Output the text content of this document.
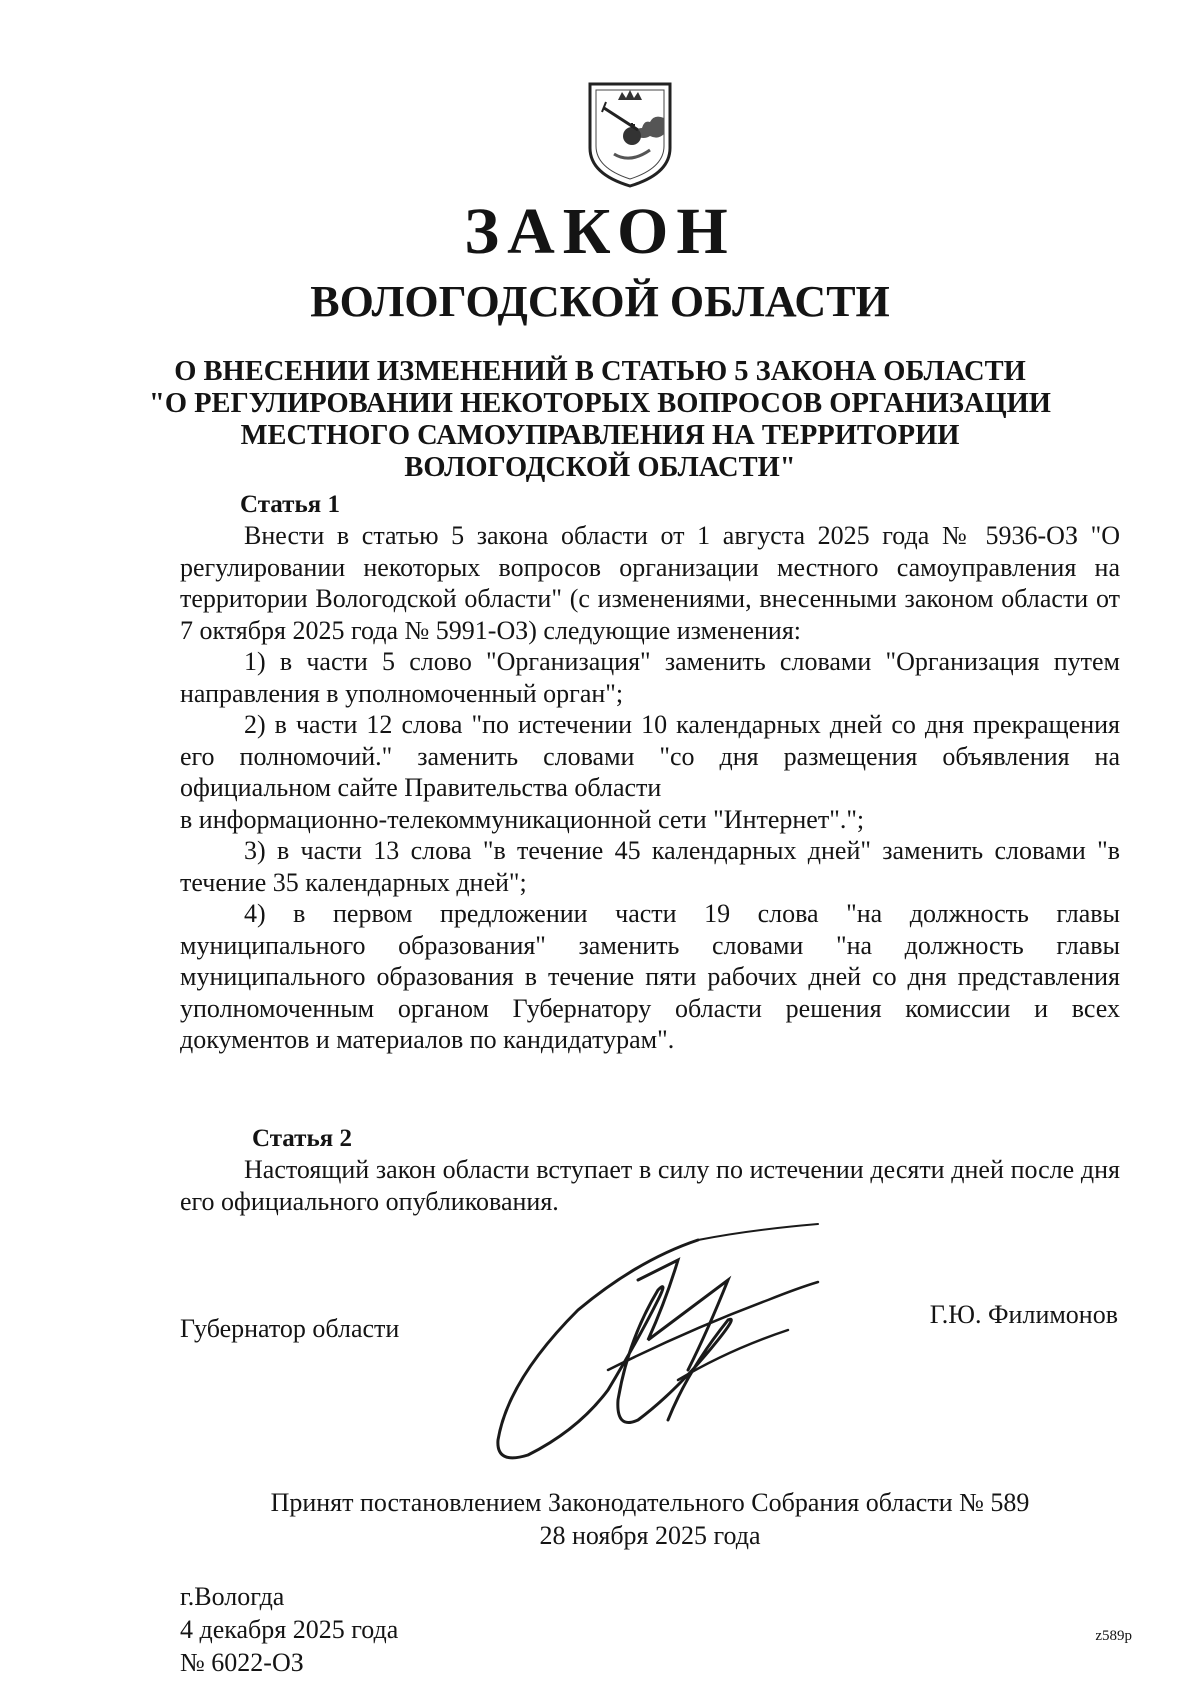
ЗАКОН
ВОЛОГОДСКОЙ ОБЛАСТИ
О ВНЕСЕНИИ ИЗМЕНЕНИЙ В СТАТЬЮ 5 ЗАКОНА ОБЛАСТИ
"О РЕГУЛИРОВАНИИ НЕКОТОРЫХ ВОПРОСОВ ОРГАНИЗАЦИИ
МЕСТНОГО САМОУПРАВЛЕНИЯ НА ТЕРРИТОРИИ
ВОЛОГОДСКОЙ ОБЛАСТИ"
Статья 1

Внести в статью 5 закона области от 1 августа 2025 года № 5936-ОЗ "О регулировании некоторых вопросов организации местного самоуправления на территории Вологодской области" (с изменениями, внесенными законом области от 7 октября 2025 года № 5991-ОЗ) следующие изменения:

1) в части 5 слово "Организация" заменить словами "Организация путем направления в уполномоченный орган";

2) в части 12 слова "по истечении 10 календарных дней со дня прекращения его полномочий." заменить словами "со дня размещения объявления на официальном сайте Правительства области

в информационно-телекоммуникационной сети "Интернет".";

3) в части 13 слова "в течение 45 календарных дней" заменить словами "в течение 35 календарных дней";

4) в первом предложении части 19 слова "на должность главы муниципального образования" заменить словами "на должность главы муниципального образования в течение пяти рабочих дней со дня представления уполномоченным органом Губернатору области решения комиссии и всех документов и материалов по кандидатурам".

Статья 2

Настоящий закон области вступает в силу по истечении десяти дней после дня его официального опубликования.

Губернатор области	Г.Ю. Филимонов
Принят постановлением Законодательного Собрания области № 589
28 ноября 2025 года
г.Вологда
4 декабря 2025 года
№ 6022-ОЗ
z589р
